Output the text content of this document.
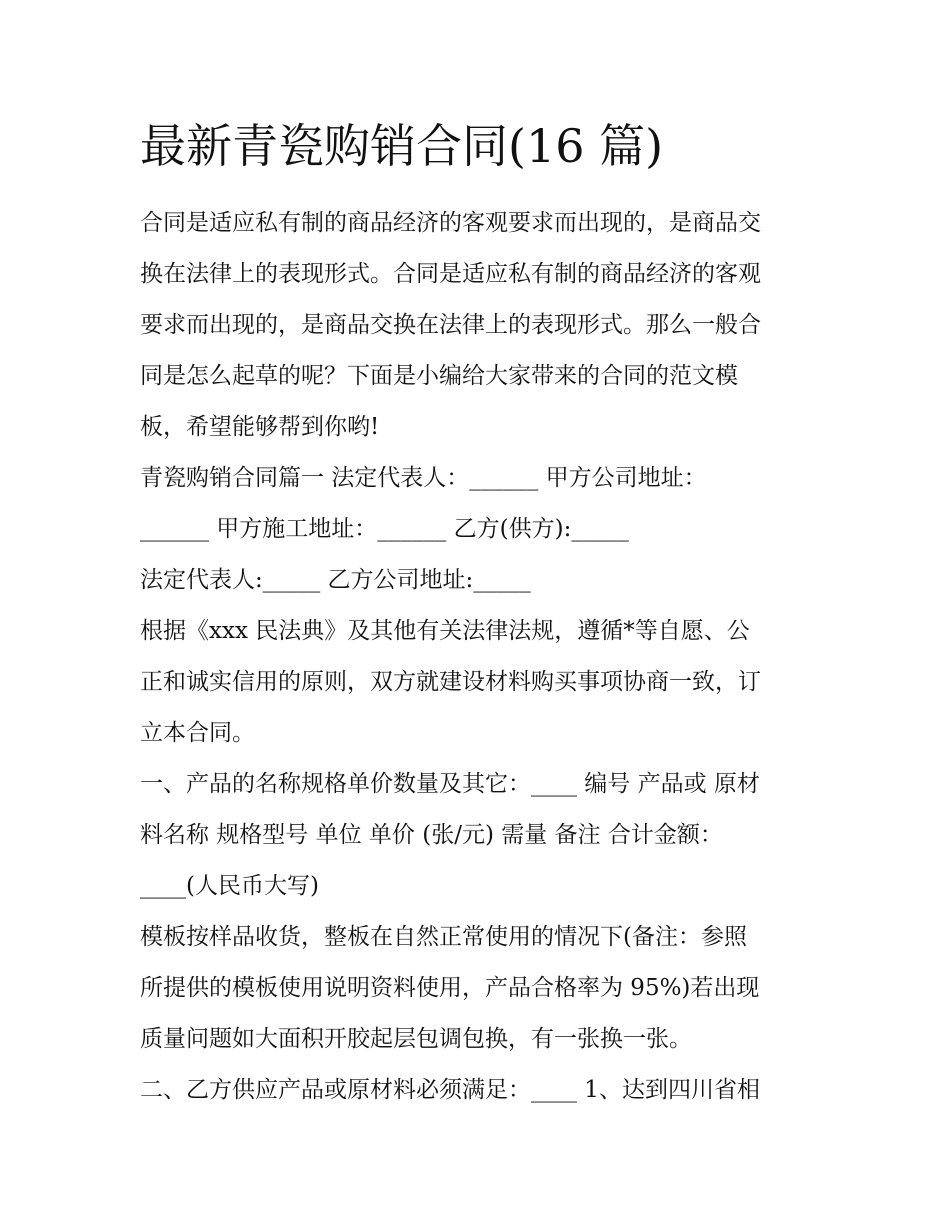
最新青瓷购销合同(16 篇)

合同是适应私有制的商品经济的客观要求而出现的，是商品交

换在法律上的表现形式。合同是适应私有制的商品经济的客观

要求而出现的，是商品交换在法律上的表现形式。那么一般合

同是怎么起草的呢？下面是小编给大家带来的合同的范文模

板，希望能够帮到你哟!

青瓷购销合同篇一 法定代表人：______ 甲方公司地址：

______ 甲方施工地址：______ 乙方(供方):_____

法定代表人:_____ 乙方公司地址:_____

根据《xxx 民法典》及其他有关法律法规，遵循*等自愿、公

正和诚实信用的原则，双方就建设材料购买事项协商一致，订

立本合同。

一、产品的名称规格单价数量及其它：____ 编号 产品或 原材

料名称 规格型号 单位 单价 (张/元) 需量 备注 合计金额：

____(人民币大写)

模板按样品收货，整板在自然正常使用的情况下(备注：参照

所提供的模板使用说明资料使用，产品合格率为 95%)若出现

质量问题如大面积开胶起层包调包换，有一张换一张。

二、乙方供应产品或原材料必须满足：____ 1、达到四川省相
